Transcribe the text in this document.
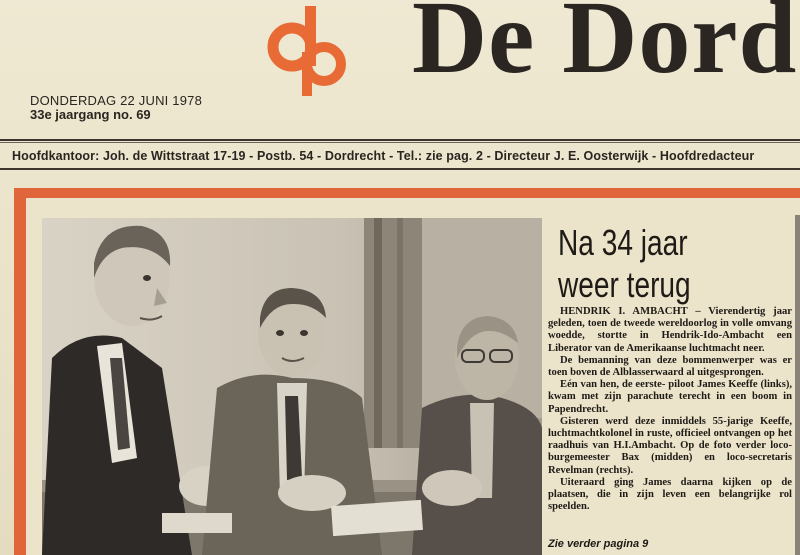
De Dord
DONDERDAG 22 JUNI 1978
33e jaargang no. 69
Hoofdkantoor: Joh. de Wittstraat 17-19 - Postb. 54 - Dordrecht - Tel.: zie pag. 2 - Directeur J. E. Oosterwijk - Hoofdredacteur
Na 34 jaar
weer terug

HENDRIK I. AMBACHT – Vierendertig jaar geleden, toen de tweede wereldoorlog in volle omvang woedde, stortte in Hendrik-Ido-Ambacht een Liberator van de Amerikaanse luchtmacht neer.

De bemanning van deze bommenwerper was er toen boven de Alblasserwaard al uitgesprongen.

Eén van hen, de eerste- piloot James Keeffe (links), kwam met zijn parachute terecht in een boom in Papendrecht.

Gisteren werd deze inmiddels 55-jarige Keeffe, luchtmachtkolonel in ruste, officieel ontvangen op het raadhuis van H.I.Ambacht. Op de foto verder loco-burgemeester Bax (midden) en loco-secretaris Revelman (rechts).

Uiteraard ging James daarna kijken op de plaatsen, die in zijn leven een belangrijke rol speelden.

Zie verder pagina 9
